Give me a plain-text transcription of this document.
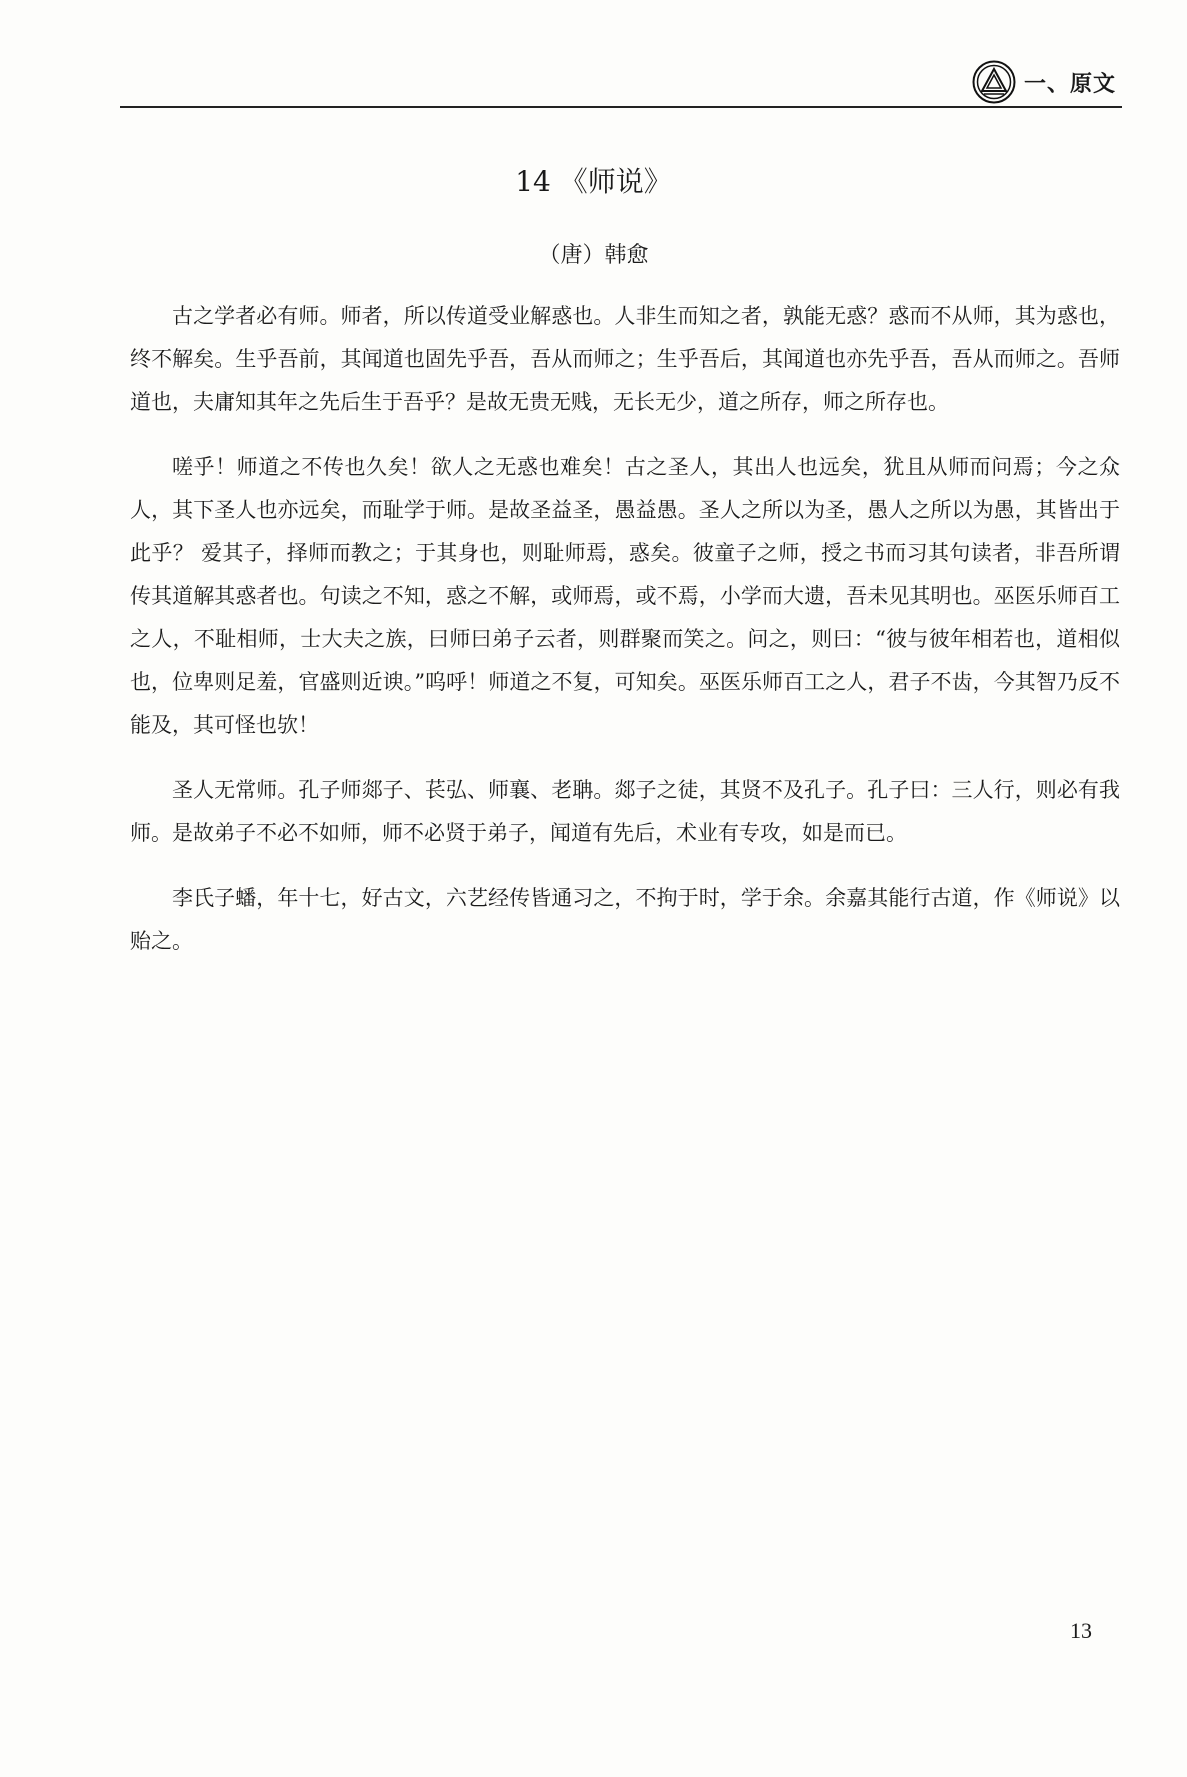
一、原文
14 《师说》
（唐）韩愈

古之学者必有师。师者，所以传道受业解惑也。人非生而知之者，孰能无惑？惑而不从师，其为惑也，终不解矣。生乎吾前，其闻道也固先乎吾，吾从而师之；生乎吾后，其闻道也亦先乎吾，吾从而师之。吾师道也，夫庸知其年之先后生于吾乎？是故无贵无贱，无长无少，道之所存，师之所存也。

嗟乎！师道之不传也久矣！欲人之无惑也难矣！古之圣人，其出人也远矣，犹且从师而问焉；今之众人，其下圣人也亦远矣，而耻学于师。是故圣益圣，愚益愚。圣人之所以为圣，愚人之所以为愚，其皆出于此乎？ 爱其子，择师而教之；于其身也，则耻师焉，惑矣。彼童子之师，授之书而习其句读者，非吾所谓传其道解其惑者也。句读之不知，惑之不解，或师焉，或不焉，小学而大遗，吾未见其明也。巫医乐师百工之人，不耻相师，士大夫之族，曰师曰弟子云者，则群聚而笑之。问之，则曰：“彼与彼年相若也，道相似也，位卑则足羞，官盛则近谀。”呜呼！师道之不复，可知矣。巫医乐师百工之人，君子不齿，今其智乃反不能及，其可怪也欤！

圣人无常师。孔子师郯子、苌弘、师襄、老聃。郯子之徒，其贤不及孔子。孔子曰：三人行，则必有我师。是故弟子不必不如师，师不必贤于弟子，闻道有先后，术业有专攻，如是而已。

李氏子蟠，年十七，好古文，六艺经传皆通习之，不拘于时，学于余。余嘉其能行古道，作《师说》以贻之。

13
